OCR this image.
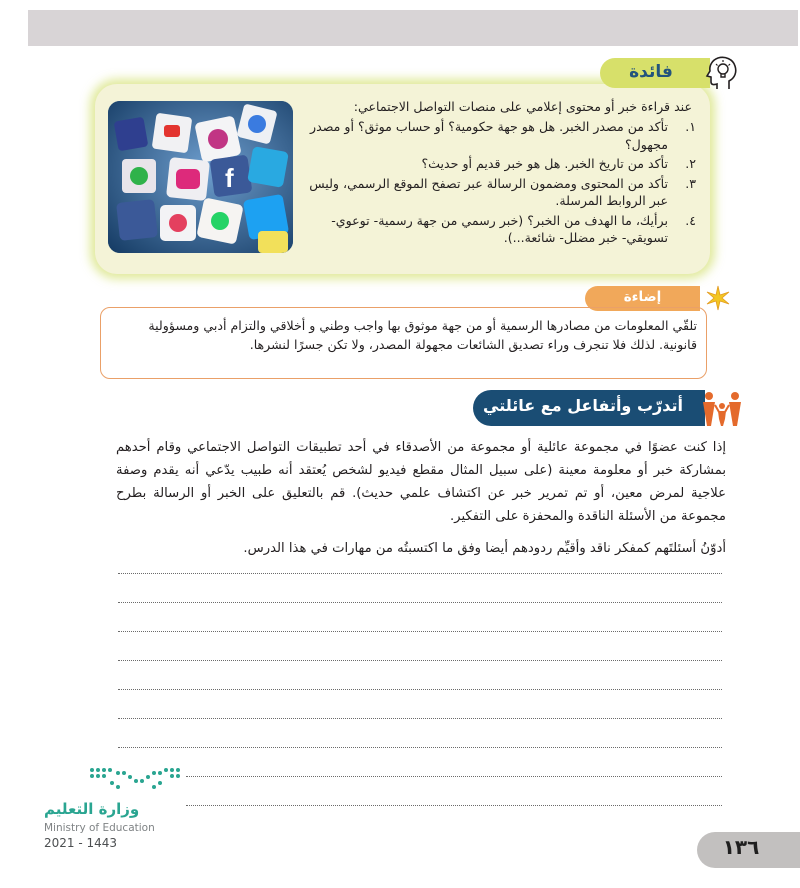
فائدة
عند قراءة خبر أو محتوى إعلامي على منصات التواصل الاجتماعي:
١.
تأكد من مصدر الخبر. هل هو جهة حكومية؟ أو حساب موثق؟ أو مصدر مجهول؟
٢.
تأكد من تاريخ الخبر. هل هو خبر قديم أو حديث؟
٣.
تأكد من المحتوى ومضمون الرسالة عبر تصفح الموقع الرسمي، وليس عبر الروابط المرسلة.
٤.
برأيك، ما الهدف من الخبر؟ (خبر رسمي من جهة رسمية- توعوي- تسويقي- خبر مضلل- شائعة...).
f
إضاءة
تلقّي المعلومات من مصادرها الرسمية أو من جهة موثوق بها واجب وطني و أخلاقي والتزام أدبي ومسؤولية قانونية. لذلك فلا تنجرف وراء تصديق الشائعات مجهولة المصدر، ولا تكن جسرًا لنشرها.
أتدرّب وأتفاعل مع عائلتي
إذا كنت عضوًا في مجموعة عائلية أو مجموعة من الأصدقاء في أحد تطبيقات التواصل الاجتماعي وقام أحدهم بمشاركة خبر أو معلومة معينة (على سبيل المثال مقطع فيديو لشخص يُعتقد أنه طبيب يدّعي أنه يقدم وصفة علاجية لمرض معين، أو تم تمرير خبر عن اكتشاف علمي حديث). قم بالتعليق على الخبر أو الرسالة بطرح مجموعة من الأسئلة الناقدة والمحفزة على التفكير.
أدوّنُ أسئلتَهم كمفكر ناقد وأقيِّم ردودهم أيضا وفق ما اكتسبتُه من مهارات في هذا الدرس.
وزارة التعليم
Ministry of Education
2021 - 1443	١٣٦
